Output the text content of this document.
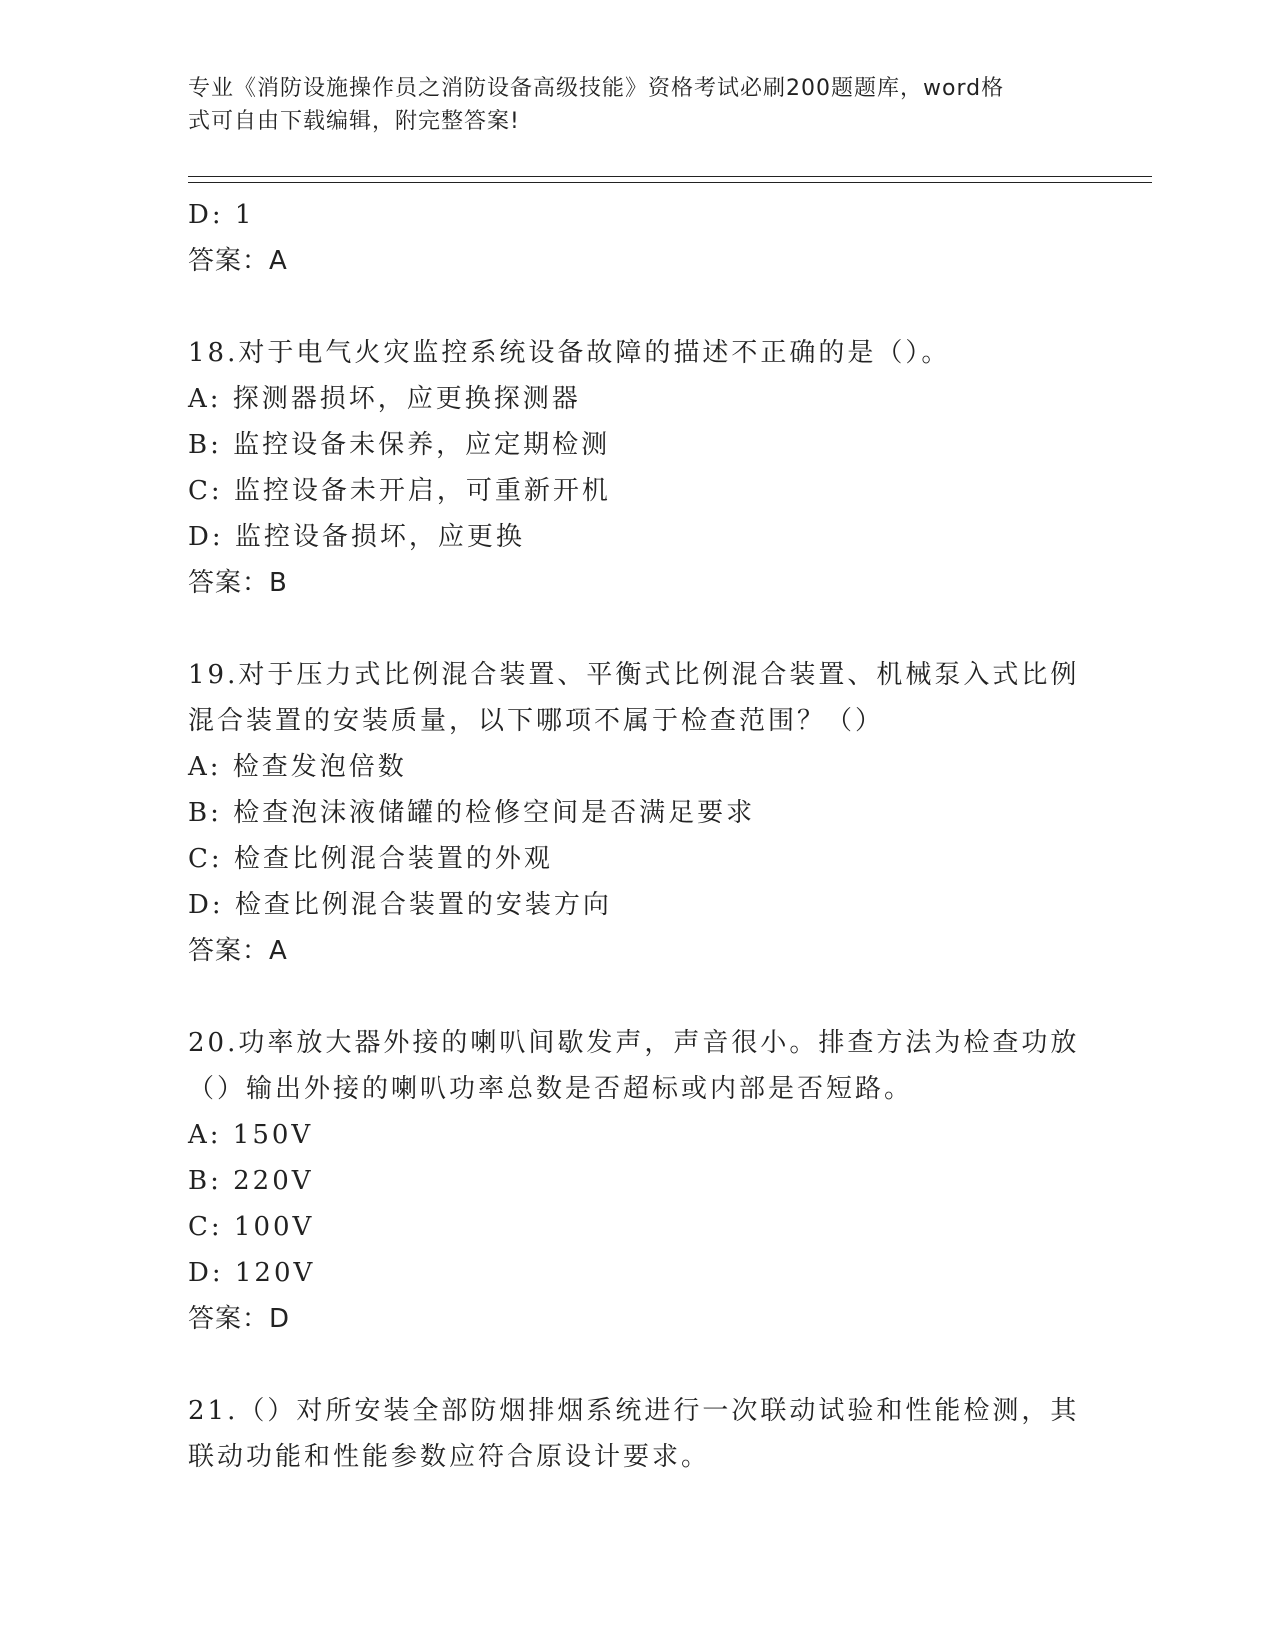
专业《消防设施操作员之消防设备高级技能》资格考试必刷200题题库，word格
式可自由下载编辑，附完整答案!
D: 1
答案：A
18.对于电气火灾监控系统设备故障的描述不正确的是（）。
A: 探测器损坏，应更换探测器
B: 监控设备未保养，应定期检测
C: 监控设备未开启，可重新开机
D: 监控设备损坏，应更换
答案：B
19.对于压力式比例混合装置、平衡式比例混合装置、机械泵入式比例
混合装置的安装质量，以下哪项不属于检查范围？（）
A: 检查发泡倍数
B: 检查泡沫液储罐的检修空间是否满足要求
C: 检查比例混合装置的外观
D: 检查比例混合装置的安装方向
答案：A
20.功率放大器外接的喇叭间歇发声，声音很小。排查方法为检查功放
（）输出外接的喇叭功率总数是否超标或内部是否短路。
A: 150V
B: 220V
C: 100V
D: 120V
答案：D
21.（）对所安装全部防烟排烟系统进行一次联动试验和性能检测，其
联动功能和性能参数应符合原设计要求。
